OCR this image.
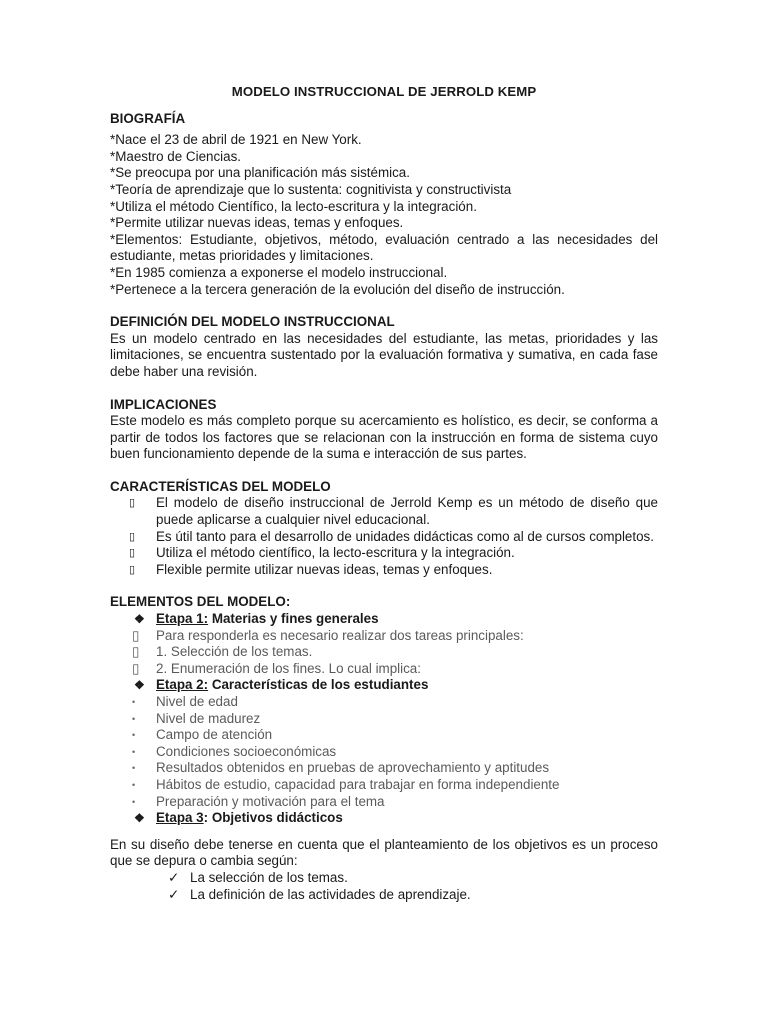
MODELO INSTRUCCIONAL DE JERROLD KEMP

BIOGRAFÍA

*Nace el 23 de abril de 1921 en New York.

*Maestro de Ciencias.

*Se preocupa por una planificación más sistémica.

*Teoría de aprendizaje que lo sustenta: cognitivista y constructivista

*Utiliza el método Científico, la lecto-escritura y la integración.

*Permite utilizar nuevas ideas, temas y enfoques.

*Elementos: Estudiante, objetivos, método, evaluación centrado a las necesidades del estudiante, metas prioridades y limitaciones.

*En 1985 comienza a exponerse el modelo instruccional.

*Pertenece a la tercera generación de la evolución del diseño de instrucción.

DEFINICIÓN DEL MODELO INSTRUCCIONAL

Es un modelo centrado en las necesidades del estudiante, las metas, prioridades y las limitaciones, se encuentra sustentado por la evaluación formativa y sumativa, en cada fase debe haber una revisión.

IMPLICACIONES

Este modelo es más completo porque su acercamiento es holístico, es decir, se conforma a partir de todos los factores que se relacionan con la instrucción en forma de sistema cuyo buen funcionamiento depende de la suma e interacción de sus partes.

CARACTERÍSTICAS DEL MODELO

▯ El modelo de diseño instruccional de Jerrold Kemp es un método de diseño que puede aplicarse a cualquier nivel educacional.
▯ Es útil tanto para el desarrollo de unidades didácticas como al de cursos completos.
▯ Utiliza el método científico, la lecto-escritura y la integración.
▯ Flexible permite utilizar nuevas ideas, temas y enfoques.

ELEMENTOS DEL MODELO:

❖ Etapa 1: Materias y fines generales
▯ Para responderla es necesario realizar dos tareas principales:
▯ 1. Selección de los temas.
▯ 2. Enumeración de los fines. Lo cual implica:
❖ Etapa 2: Características de los estudiantes
• Nivel de edad
• Nivel de madurez
• Campo de atención
• Condiciones socioeconómicas
• Resultados obtenidos en pruebas de aprovechamiento y aptitudes
• Hábitos de estudio, capacidad para trabajar en forma independiente
• Preparación y motivación para el tema
❖ Etapa 3: Objetivos didácticos

En su diseño debe tenerse en cuenta que el planteamiento de los objetivos es un proceso que se depura o cambia según:

✓ La selección de los temas.
✓ La definición de las actividades de aprendizaje.
